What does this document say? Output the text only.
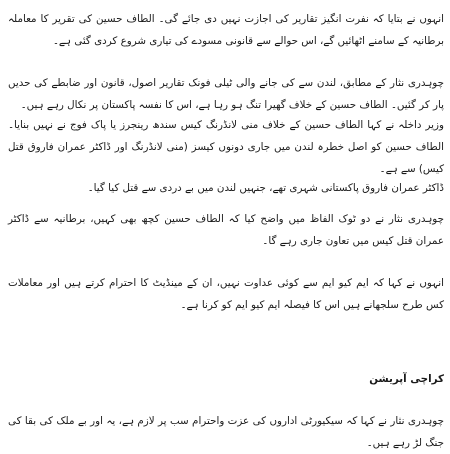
انہوں نے بتایا کہ نفرت انگیز تقاریر کی اجازت نہیں دی جائے گی۔ الطاف حسین کی تقریر کا معاملہ برطانیہ کے سامنے اٹھائیں گے، اس حوالے سے قانونی مسودے کی تیاری شروع کردی گئی ہے۔

چوہدری نثار کے مطابق، لندن سے کی جانے والی ٹیلی فونک تقاریر اصول، قانون اور ضابطے کی حدیں پار کر گئیں۔ الطاف حسین کے خلاف گھیرا تنگ ہو رہا ہے، اس کا نفسہ پاکستان پر نکال رہے ہیں۔

وزیر داخلہ نے کہا الطاف حسین کے خلاف منی لانڈرنگ کیس سندھ رینجرز یا پاک فوج نے نہیں بنایا۔ الطاف حسین کو اصل خطرہ لندن میں جاری دونوں کیسز (منی لانڈرنگ اور ڈاکٹر عمران فاروق قتل کیس) سے ہے۔

ڈاکٹر عمران فاروق پاکستانی شہری تھے، جنہیں لندن میں بے دردی سے قتل کیا گیا۔

چوہدری نثار نے دو ٹوک الفاظ میں واضح کیا کہ الطاف حسین کچھ بھی کہیں، برطانیہ سے ڈاکٹر عمران قتل کیس میں تعاون جاری رہے گا۔

انہوں نے کہا کہ ایم کیو ایم سے کوئی عداوت نہیں، ان کے مینڈیٹ کا احترام کرتے ہیں اور معاملات کس طرح سلجھانے ہیں اس کا فیصلہ ایم کیو ایم کو کرنا ہے۔

کراچی آپریشن

چوہدری نثار نے کہا کہ سیکیورٹی اداروں کی عزت واحترام سب پر لازم ہے، یہ اور بے ملک کی بقا کی جنگ لڑ رہے ہیں۔
